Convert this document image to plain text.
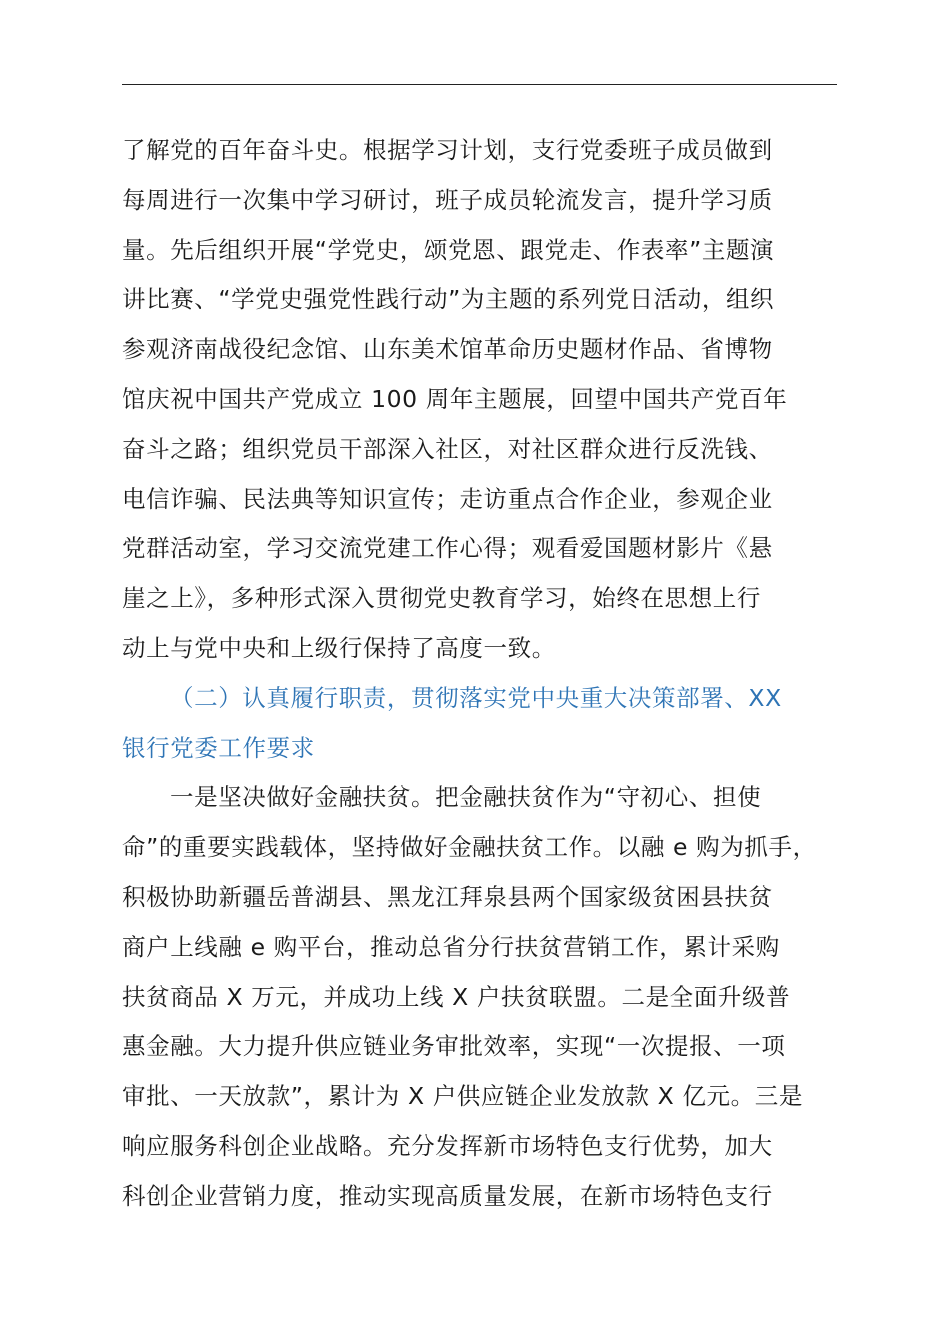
了解党的百年奋斗史。根据学习计划，支行党委班子成员做到
每周进行一次集中学习研讨，班子成员轮流发言，提升学习质
量。先后组织开展“学党史，颂党恩、跟党走、作表率”主题演
讲比赛、“学党史强党性践行动”为主题的系列党日活动，组织
参观济南战役纪念馆、山东美术馆革命历史题材作品、省博物
馆庆祝中国共产党成立 100 周年主题展，回望中国共产党百年
奋斗之路；组织党员干部深入社区，对社区群众进行反洗钱、
电信诈骗、民法典等知识宣传；走访重点合作企业，参观企业
党群活动室，学习交流党建工作心得；观看爱国题材影片《悬
崖之上》，多种形式深入贯彻党史教育学习，始终在思想上行
动上与党中央和上级行保持了高度一致。
（二）认真履行职责，贯彻落实党中央重大决策部署、XX
银行党委工作要求
一是坚决做好金融扶贫。把金融扶贫作为“守初心、担使
命”的重要实践载体，坚持做好金融扶贫工作。以融 e 购为抓手，
积极协助新疆岳普湖县、黑龙江拜泉县两个国家级贫困县扶贫
商户上线融 e 购平台，推动总省分行扶贫营销工作，累计采购
扶贫商品 X 万元，并成功上线 X 户扶贫联盟。二是全面升级普
惠金融。大力提升供应链业务审批效率，实现“一次提报、一项
审批、一天放款”，累计为 X 户供应链企业发放款 X 亿元。三是
响应服务科创企业战略。充分发挥新市场特色支行优势，加大
科创企业营销力度，推动实现高质量发展，在新市场特色支行
